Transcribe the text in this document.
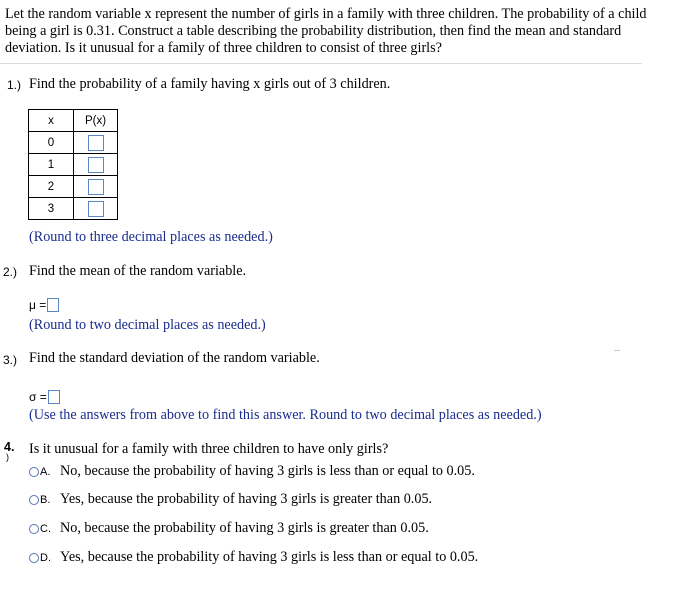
Let the random variable x represent the number of girls in a family with three children. The probability of a child being a girl is 0.31. Construct a table describing the probability distribution, then find the mean and standard deviation. Is it unusual for a family of three children to consist of three girls?
1.) Find the probability of a family having x girls out of 3 children.
x	P(x)
0	
1	
2	
3	
(Round to three decimal places as needed.)
2.) Find the mean of the random variable.
μ =
(Round to two decimal places as needed.)
3.) Find the standard deviation of the random variable.
σ =
(Use the answers from above to find this answer. Round to two decimal places as needed.)
4.
) Is it unusual for a family with three children to have only girls?
A. No, because the probability of having 3 girls is less than or equal to 0.05.
B. Yes, because the probability of having 3 girls is greater than 0.05.
C. No, because the probability of having 3 girls is greater than 0.05.
D. Yes, because the probability of having 3 girls is less than or equal to 0.05.
